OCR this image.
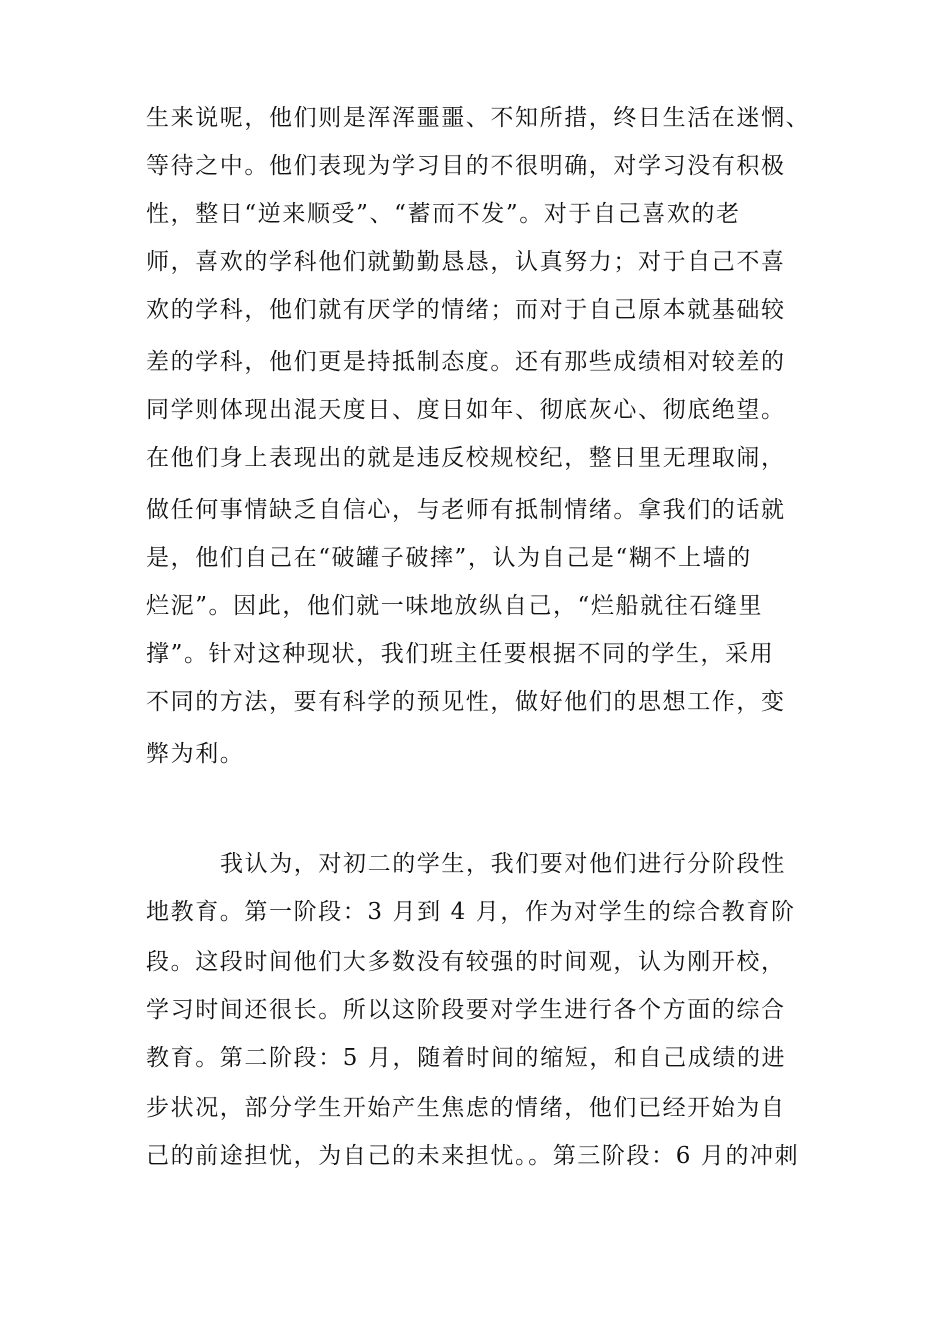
生来说呢，他们则是浑浑噩噩、不知所措，终日生活在迷惘、
等待之中。他们表现为学习目的不很明确，对学习没有积极
性，整日“逆来顺受”、“蓄而不发”。对于自己喜欢的老
师，喜欢的学科他们就勤勤恳恳，认真努力；对于自己不喜
欢的学科，他们就有厌学的情绪；而对于自己原本就基础较
差的学科，他们更是持抵制态度。还有那些成绩相对较差的
同学则体现出混天度日、度日如年、彻底灰心、彻底绝望。
在他们身上表现出的就是违反校规校纪，整日里无理取闹，
做任何事情缺乏自信心，与老师有抵制情绪。拿我们的话就
是，他们自己在“破罐子破摔”，认为自己是“糊不上墙的
烂泥”。因此，他们就一味地放纵自己，“烂船就往石缝里
撑”。针对这种现状，我们班主任要根据不同的学生，采用
不同的方法，要有科学的预见性，做好他们的思想工作，变
弊为利。
我认为，对初二的学生，我们要对他们进行分阶段性
地教育。第一阶段：3 月到 4 月，作为对学生的综合教育阶
段。这段时间他们大多数没有较强的时间观，认为刚开校，
学习时间还很长。所以这阶段要对学生进行各个方面的综合
教育。第二阶段：5 月，随着时间的缩短，和自己成绩的进
步状况，部分学生开始产生焦虑的情绪，他们已经开始为自
己的前途担忧，为自己的未来担忧。。第三阶段：6 月的冲刺
